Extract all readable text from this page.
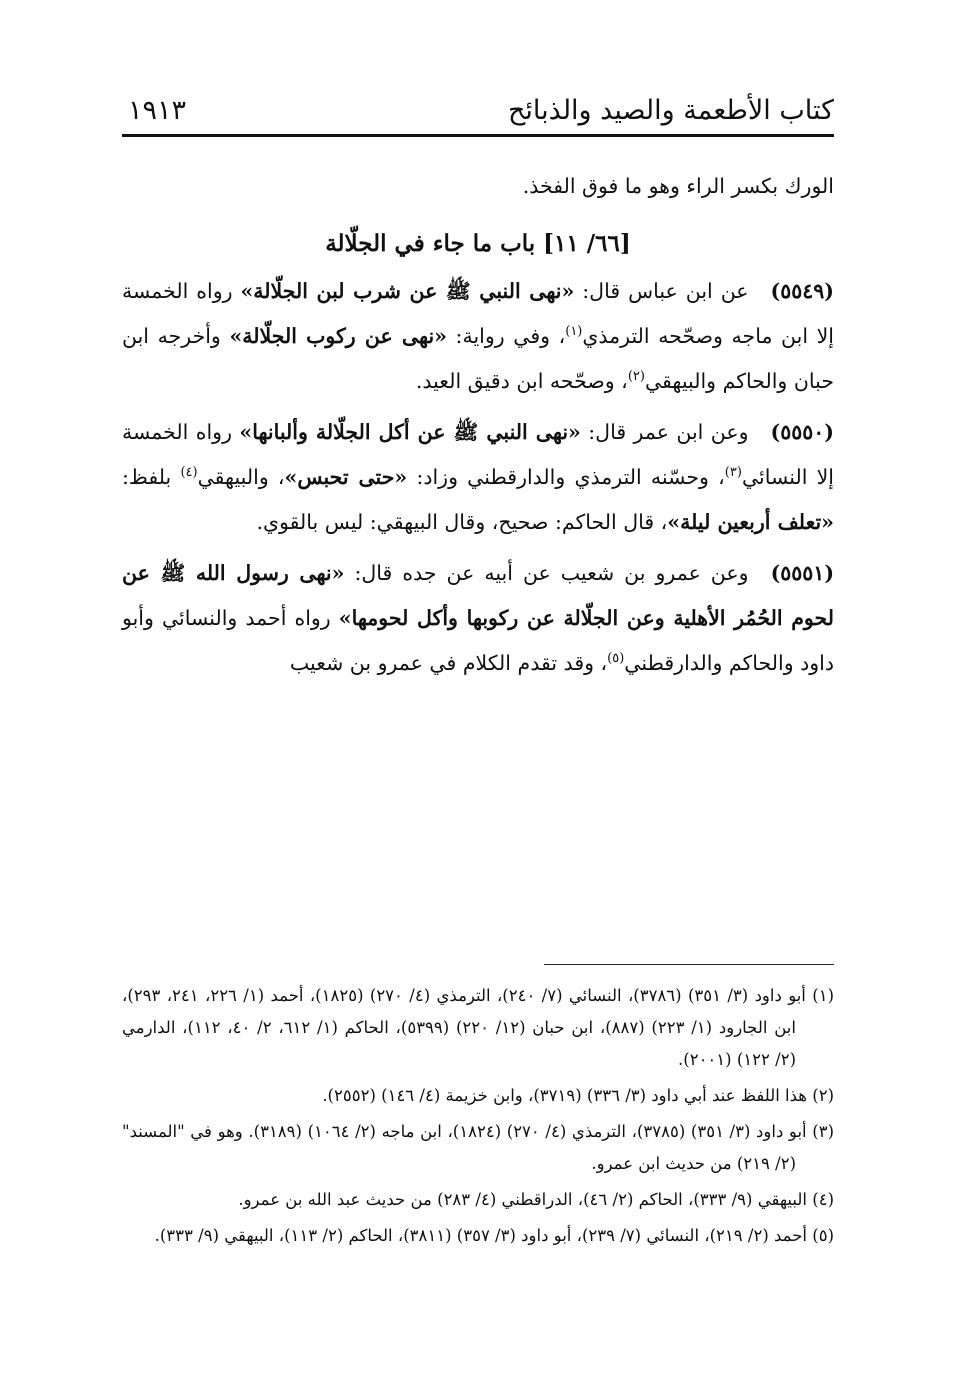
كتاب الأطعمة والصيد والذبائح
١٩١٣

الورك بكسر الراء وهو ما فوق الفخذ.

[٦٦/ ١١] باب ما جاء في الجلّالة

(٥٥٤٩)عن ابن عباس قال: «نهى النبي ﷺ عن شرب لبن الجلّالة» رواه الخمسة إلا ابن ماجه وصحّحه الترمذي$^{(١)}$، وفي رواية: «نهى عن ركوب الجلّالة» وأخرجه ابن حبان والحاكم والبيهقي$^{(٢)}$، وصحّحه ابن دقيق العيد.

(٥٥٥٠)وعن ابن عمر قال: «نهى النبي ﷺ عن أكل الجلّالة وألبانها» رواه الخمسة إلا النسائي$^{(٣)}$، وحسّنه الترمذي والدارقطني وزاد: «حتى تحبس»، والبيهقي$^{(٤)}$ بلفظ: «تعلف أربعين ليلة»، قال الحاكم: صحيح، وقال البيهقي: ليس بالقوي.

(٥٥٥١)وعن عمرو بن شعيب عن أبيه عن جده قال: «نهى رسول الله ﷺ عن لحوم الحُمُر الأهلية وعن الجلّالة عن ركوبها وأكل لحومها» رواه أحمد والنسائي وأبو داود والحاكم والدارقطني$^{(٥)}$، وقد تقدم الكلام في عمرو بن شعيب

(١) أبو داود (٣/ ٣٥١) (٣٧٨٦)، النسائي (٧/ ٢٤٠)، الترمذي (٤/ ٢٧٠) (١٨٢٥)، أحمد (١/ ٢٢٦، ٢٤١، ٢٩٣)، ابن الجارود (١/ ٢٢٣) (٨٨٧)، ابن حبان (١٢/ ٢٢٠) (٥٣٩٩)، الحاكم (١/ ٦١٢، ٢/ ٤٠، ١١٢)، الدارمي (٢/ ١٢٢) (٢٠٠١).

(٢) هذا اللفظ عند أبي داود (٣/ ٣٣٦) (٣٧١٩)، وابن خزيمة (٤/ ١٤٦) (٢٥٥٢).

(٣) أبو داود (٣/ ٣٥١) (٣٧٨٥)، الترمذي (٤/ ٢٧٠) (١٨٢٤)، ابن ماجه (٢/ ١٠٦٤) (٣١٨٩). وهو في "المسند" (٢/ ٢١٩) من حديث ابن عمرو.

(٤) البيهقي (٩/ ٣٣٣)، الحاكم (٢/ ٤٦)، الدراقطني (٤/ ٢٨٣) من حديث عبد الله بن عمرو.

(٥) أحمد (٢/ ٢١٩)، النسائي (٧/ ٢٣٩)، أبو داود (٣/ ٣٥٧) (٣٨١١)، الحاكم (٢/ ١١٣)، البيهقي (٩/ ٣٣٣).
